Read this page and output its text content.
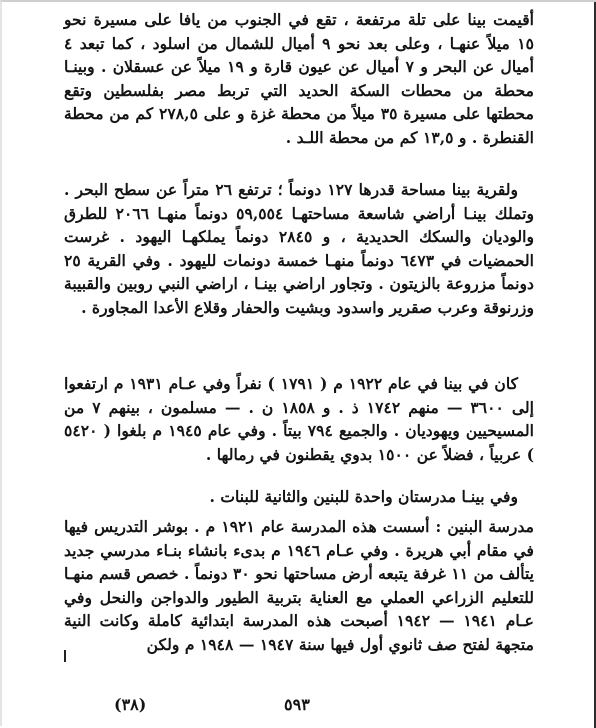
أقيمت بينا على تلة مرتفعة ، تقع في الجنوب من يافا على مسيرة نحو ١٥ ميلاً عنهـا ، وعلى بعد نحو ٩ أميال للشمال من اسلود ، كما تبعد ٤ أميال عن البحر و ٧ أميال عن عيون قارة و ١٩ ميلاً عن عسقلان . وبينـا محطة من محطات السكة الحديد التي تربط مصر بفلسطين وتقع محطتها على مسيرة ٣٥ ميلاً من محطة غزة و على ٢٧٨,٥ كم من محطة القنطرة . و ١٣,٥ كم من محطة اللـد .

ولقرية بينا مساحة قدرها ١٢٧ دونماً ؛ ترتفع ٢٦ متراً عن سطح البحر . وتملك بينـا أراضي شاسعة مساحتهـا ٥٩,٥٥٤ دونماً منهـا ٢٠٦٦ للطرق والوديان والسكك الحديدية ، و ٢٨٤٥ دونماً يملكهـا اليهود . غرست الحمضيات في ٦٤٧٣ دونماً منهـا خمسة دونمات لليهود . وفي القرية ٢٥ دونماً مزروعة بالزيتون . وتجاور اراضي بينـا ، اراضي النبي روبين والقبيبة وزرنوقة وعرب صقرير واسدود وبشيت والحفار وقلاع الأعدا المجاورة .

كان في بينا في عام ١٩٢٢ م ( ١٧٩١ ) نفراً وفي عـام ١٩٣١ م ارتفعوا إلى ٣٦٠٠ — منهم ١٧٤٢ ذ . و ١٨٥٨ ن . — مسلمون ، بينهم ٧ من المسيحيين ويهوديان . والجميع ٧٩٤ بيتاً . وفي عام ١٩٤٥ م بلغوا ( ٥٤٢٠ ) عربياً ، فضلاً عن ١٥٠٠ بدوي يقطنون في رمالها .

وفي بينـا مدرستان واحدة للبنين والثانية للبنات .

مدرسة البنين : أسست هذه المدرسة عام ١٩٢١ م . بوشر التدريس فيها في مقام أبي هريرة . وفي عـام ١٩٤٦ م بدىء بانشاء بنـاء مدرسي جديد يتألف من ١١ غرفة يتبعه أرض مساحتها نحو ٣٠ دونماً . خصص قسم منهـا للتعليم الزراعي العملي مع العناية بتربية الطيور والدواجن والنحل وفي عـام ١٩٤١ — ١٩٤٢ أصبحت هذه المدرسة ابتدائية كاملة وكانت النية متجهة لفتح صف ثانوي أول فيها سنة ١٩٤٧ — ١٩٤٨ م ولكن

٥٩٣
(٣٨)
